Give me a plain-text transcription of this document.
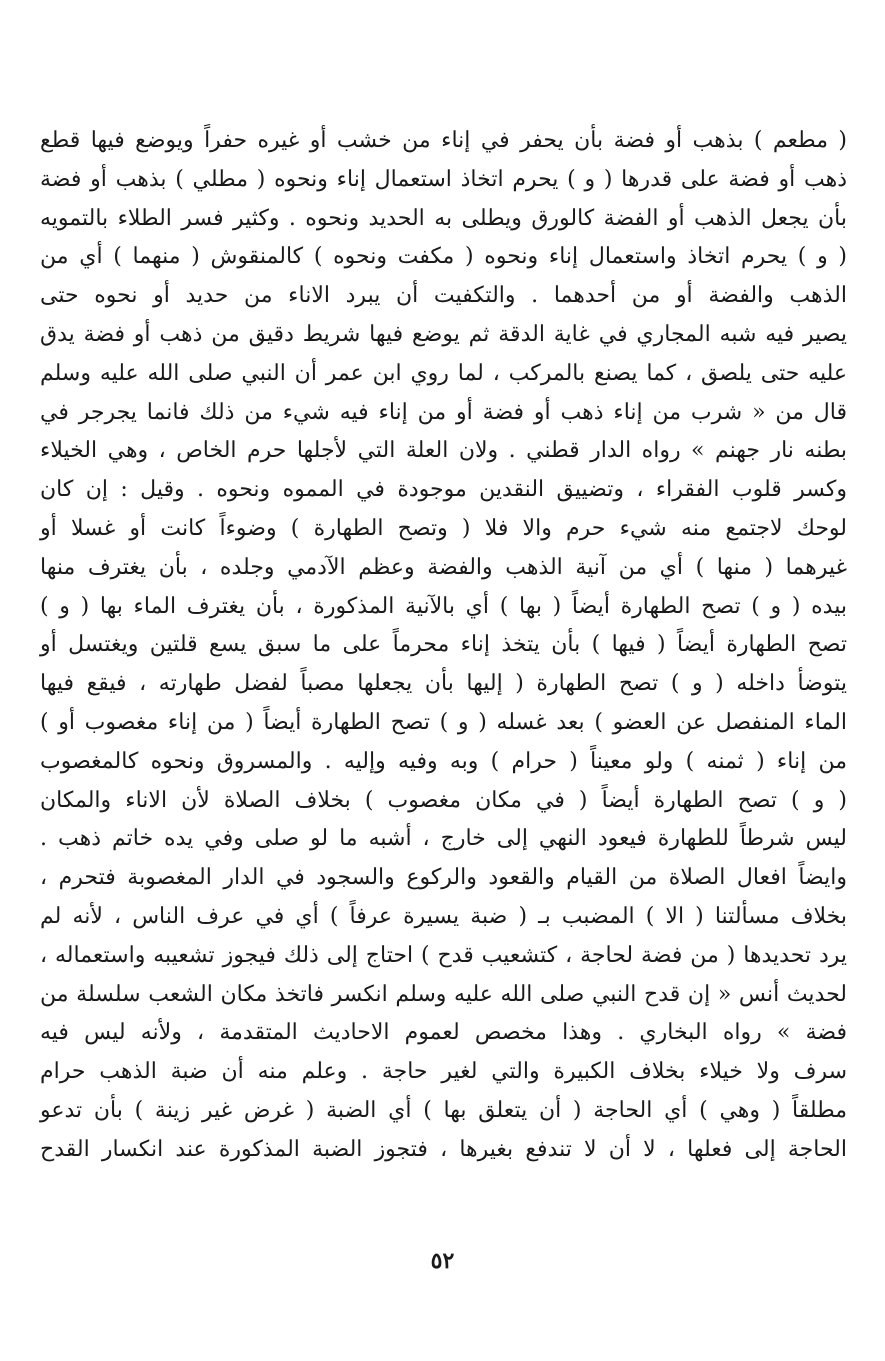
( مطعم ) بذهب أو فضة بأن يحفر في إناء من خشب أو غيره حفراً ويوضع فيها قطع
ذهب أو فضة على قدرها ( و ) يحرم اتخاذ استعمال إناء ونحوه ( مطلي ) بذهب أو فضة
بأن يجعل الذهب أو الفضة كالورق ويطلى به الحديد ونحوه . وكثير فسر الطلاء بالتمويه
( و ) يحرم اتخاذ واستعمال إناء ونحوه ( مكفت ونحوه ) كالمنقوش ( منهما ) أي من
الذهب والفضة أو من أحدهما . والتكفيت أن يبرد الاناء من حديد أو نحوه حتى
يصير فيه شبه المجاري في غاية الدقة ثم يوضع فيها شريط دقيق من ذهب أو فضة يدق
عليه حتى يلصق ، كما يصنع بالمركب ، لما روي ابن عمر أن النبي صلى الله عليه وسلم
قال من « شرب من إناء ذهب أو فضة أو من إناء فيه شيء من ذلك فانما يجرجر في
بطنه نار جهنم » رواه الدار قطني . ولان العلة التي لأجلها حرم الخاص ، وهي الخيلاء
وكسر قلوب الفقراء ، وتضييق النقدين موجودة في المموه ونحوه . وقيل : إن كان
لوحك لاجتمع منه شيء حرم والا فلا ( وتصح الطهارة ) وضوءاً كانت أو غسلا أو
غيرهما ( منها ) أي من آنية الذهب والفضة وعظم الآدمي وجلده ، بأن يغترف منها
بيده ( و ) تصح الطهارة أيضاً ( بها ) أي بالآنية المذكورة ، بأن يغترف الماء بها ( و )
تصح الطهارة أيضاً ( فيها ) بأن يتخذ إناء محرماً على ما سبق يسع قلتين ويغتسل أو
يتوضأ داخله ( و ) تصح الطهارة ( إليها بأن يجعلها مصباً لفضل طهارته ، فيقع فيها
الماء المنفصل عن العضو ) بعد غسله ( و ) تصح الطهارة أيضاً ( من إناء مغصوب أو )
من إناء ( ثمنه ) ولو معيناً ( حرام ) وبه وفيه وإليه . والمسروق ونحوه كالمغصوب
( و ) تصح الطهارة أيضاً ( في مكان مغصوب ) بخلاف الصلاة لأن الاناء والمكان
ليس شرطاً للطهارة فيعود النهي إلى خارج ، أشبه ما لو صلى وفي يده خاتم ذهب .
وايضاً افعال الصلاة من القيام والقعود والركوع والسجود في الدار المغصوبة فتحرم ،
بخلاف مسألتنا ( الا ) المضبب بـ ( ضبة يسيرة عرفاً ) أي في عرف الناس ، لأنه لم
يرد تحديدها ( من فضة لحاجة ، كتشعيب قدح ) احتاج إلى ذلك فيجوز تشعيبه واستعماله ،
لحديث أنس « إن قدح النبي صلى الله عليه وسلم انكسر فاتخذ مكان الشعب سلسلة من
فضة » رواه البخاري . وهذا مخصص لعموم الاحاديث المتقدمة ، ولأنه ليس فيه
سرف ولا خيلاء بخلاف الكبيرة والتي لغير حاجة . وعلم منه أن ضبة الذهب حرام
مطلقاً ( وهي ) أي الحاجة ( أن يتعلق بها ) أي الضبة ( غرض غير زينة ) بأن تدعو
الحاجة إلى فعلها ، لا أن لا تندفع بغيرها ، فتجوز الضبة المذكورة عند انكسار القدح
٥٢
